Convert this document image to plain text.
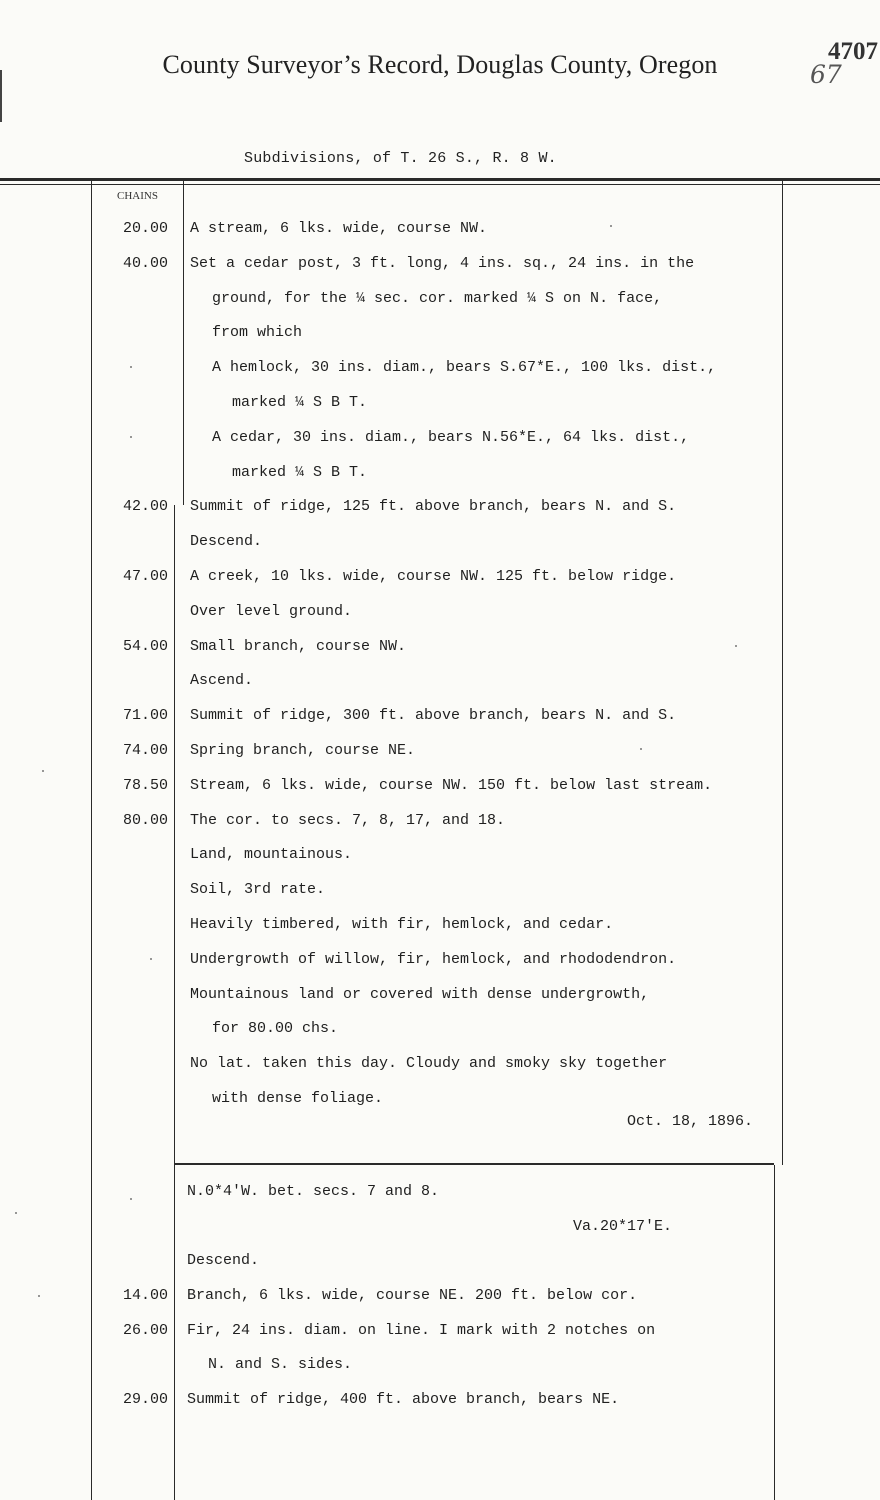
County Surveyor’s Record, Douglas County, Oregon	4707
67
Subdivisions, of T. 26 S., R. 8 W.
CHAINS
20.00 A stream, 6 lks. wide, course NW.
40.00 Set a cedar post, 3 ft. long, 4 ins. sq., 24 ins. in the
ground, for the ¼ sec. cor. marked ¼ S on N. face,
from which
A hemlock, 30 ins. diam., bears S.67*E., 100 lks. dist.,
marked ¼ S B T.
A cedar, 30 ins. diam., bears N.56*E., 64 lks. dist.,
marked ¼ S B T.
42.00 Summit of ridge, 125 ft. above branch, bears N. and S.
Descend.
47.00 A creek, 10 lks. wide, course NW. 125 ft. below ridge.
Over level ground.
54.00 Small branch, course NW.
Ascend.
71.00 Summit of ridge, 300 ft. above branch, bears N. and S.
74.00 Spring branch, course NE.
78.50 Stream, 6 lks. wide, course NW. 150 ft. below last stream.
80.00 The cor. to secs. 7, 8, 17, and 18.
Land, mountainous.
Soil, 3rd rate.
Heavily timbered, with fir, hemlock, and cedar.
Undergrowth of willow, fir, hemlock, and rhododendron.
Mountainous land or covered with dense undergrowth,
for 80.00 chs.
No lat. taken this day. Cloudy and smoky sky together
with dense foliage.
Oct. 18, 1896.
N.0*4'W. bet. secs. 7 and 8.
Va.20*17'E.
Descend.
14.00 Branch, 6 lks. wide, course NE. 200 ft. below cor.
26.00 Fir, 24 ins. diam. on line. I mark with 2 notches on
N. and S. sides.
29.00 Summit of ridge, 400 ft. above branch, bears NE.
